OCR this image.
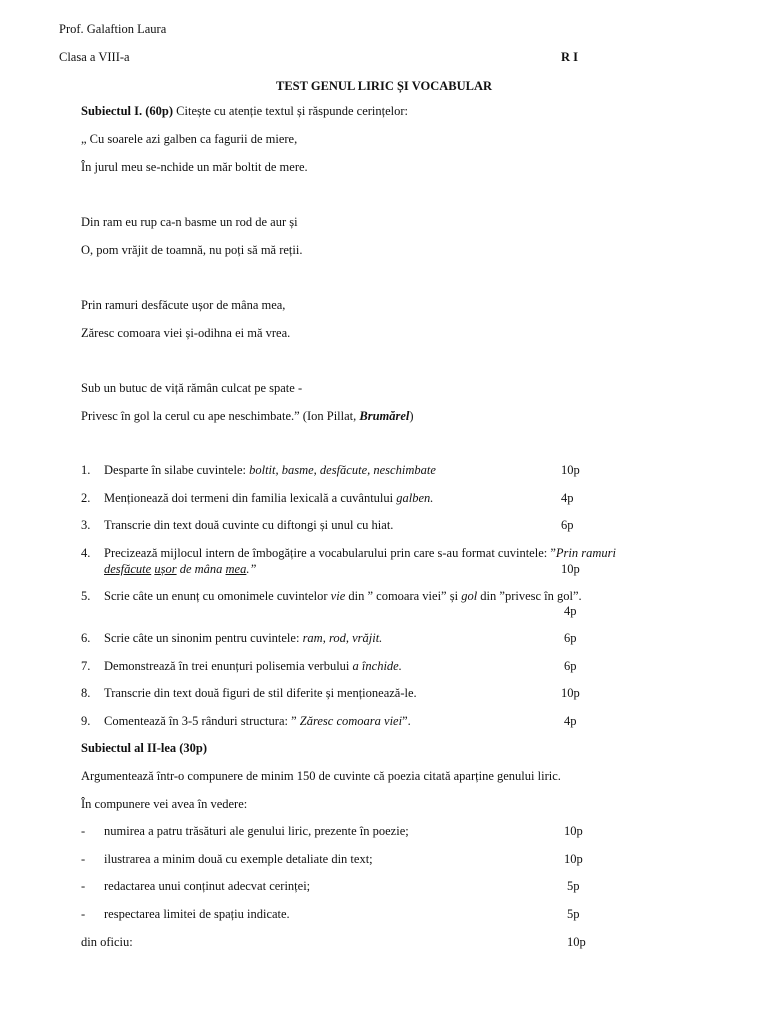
Prof. Galaftion Laura
Clasa a VIII-a	R I
TEST GENUL LIRIC ȘI VOCABULAR
Subiectul I. (60p) Citește cu atenție textul și răspunde cerințelor:
„ Cu soarele azi galben ca fagurii de miere,
În jurul meu se-nchide un măr boltit de mere.
Din ram eu rup ca-n basme un rod de aur și
O, pom vrăjit de toamnă, nu poți să mă reții.
Prin ramuri desfăcute ușor de mâna mea,
Zăresc comoara viei și-odihna ei mă vrea.
Sub un butuc de viță rămân culcat pe spate -
Privesc în gol la cerul cu ape neschimbate.” (Ion Pillat, Brumărel)
1. Desparte în silabe cuvintele: boltit, basme, desfăcute, neschimbate	10p
2. Menționează doi termeni din familia lexicală a cuvântului galben.	4p
3. Transcrie din text două cuvinte cu diftongi și unul cu hiat.	6p
4. Precizează mijlocul intern de îmbogățire a vocabularului prin care s-au format cuvintele: ”Prin ramuri
desfăcute ușor de mâna mea.”	10p
5. Scrie câte un enunț cu omonimele cuvintelor vie din ” comoara viei” și gol din ”privesc în gol”.
4p
6. Scrie câte un sinonim pentru cuvintele: ram, rod, vrăjit.	6p
7. Demonstrează în trei enunțuri polisemia verbului a închide.	6p
8. Transcrie din text două figuri de stil diferite și menționează-le.	10p
9. Comentează în 3-5 rânduri structura: ” Zăresc comoara viei”.	4p
Subiectul al II-lea (30p)
Argumentează într-o compunere de minim 150 de cuvinte că poezia citată aparține genului liric.
În compunere vei avea în vedere:
- numirea a patru trăsături ale genului liric, prezente în poezie;	10p
- ilustrarea a minim două cu exemple detaliate din text;	10p
- redactarea unui conținut adecvat cerinței;	5p
- respectarea limitei de spațiu indicate.	5p
din oficiu:	10p
